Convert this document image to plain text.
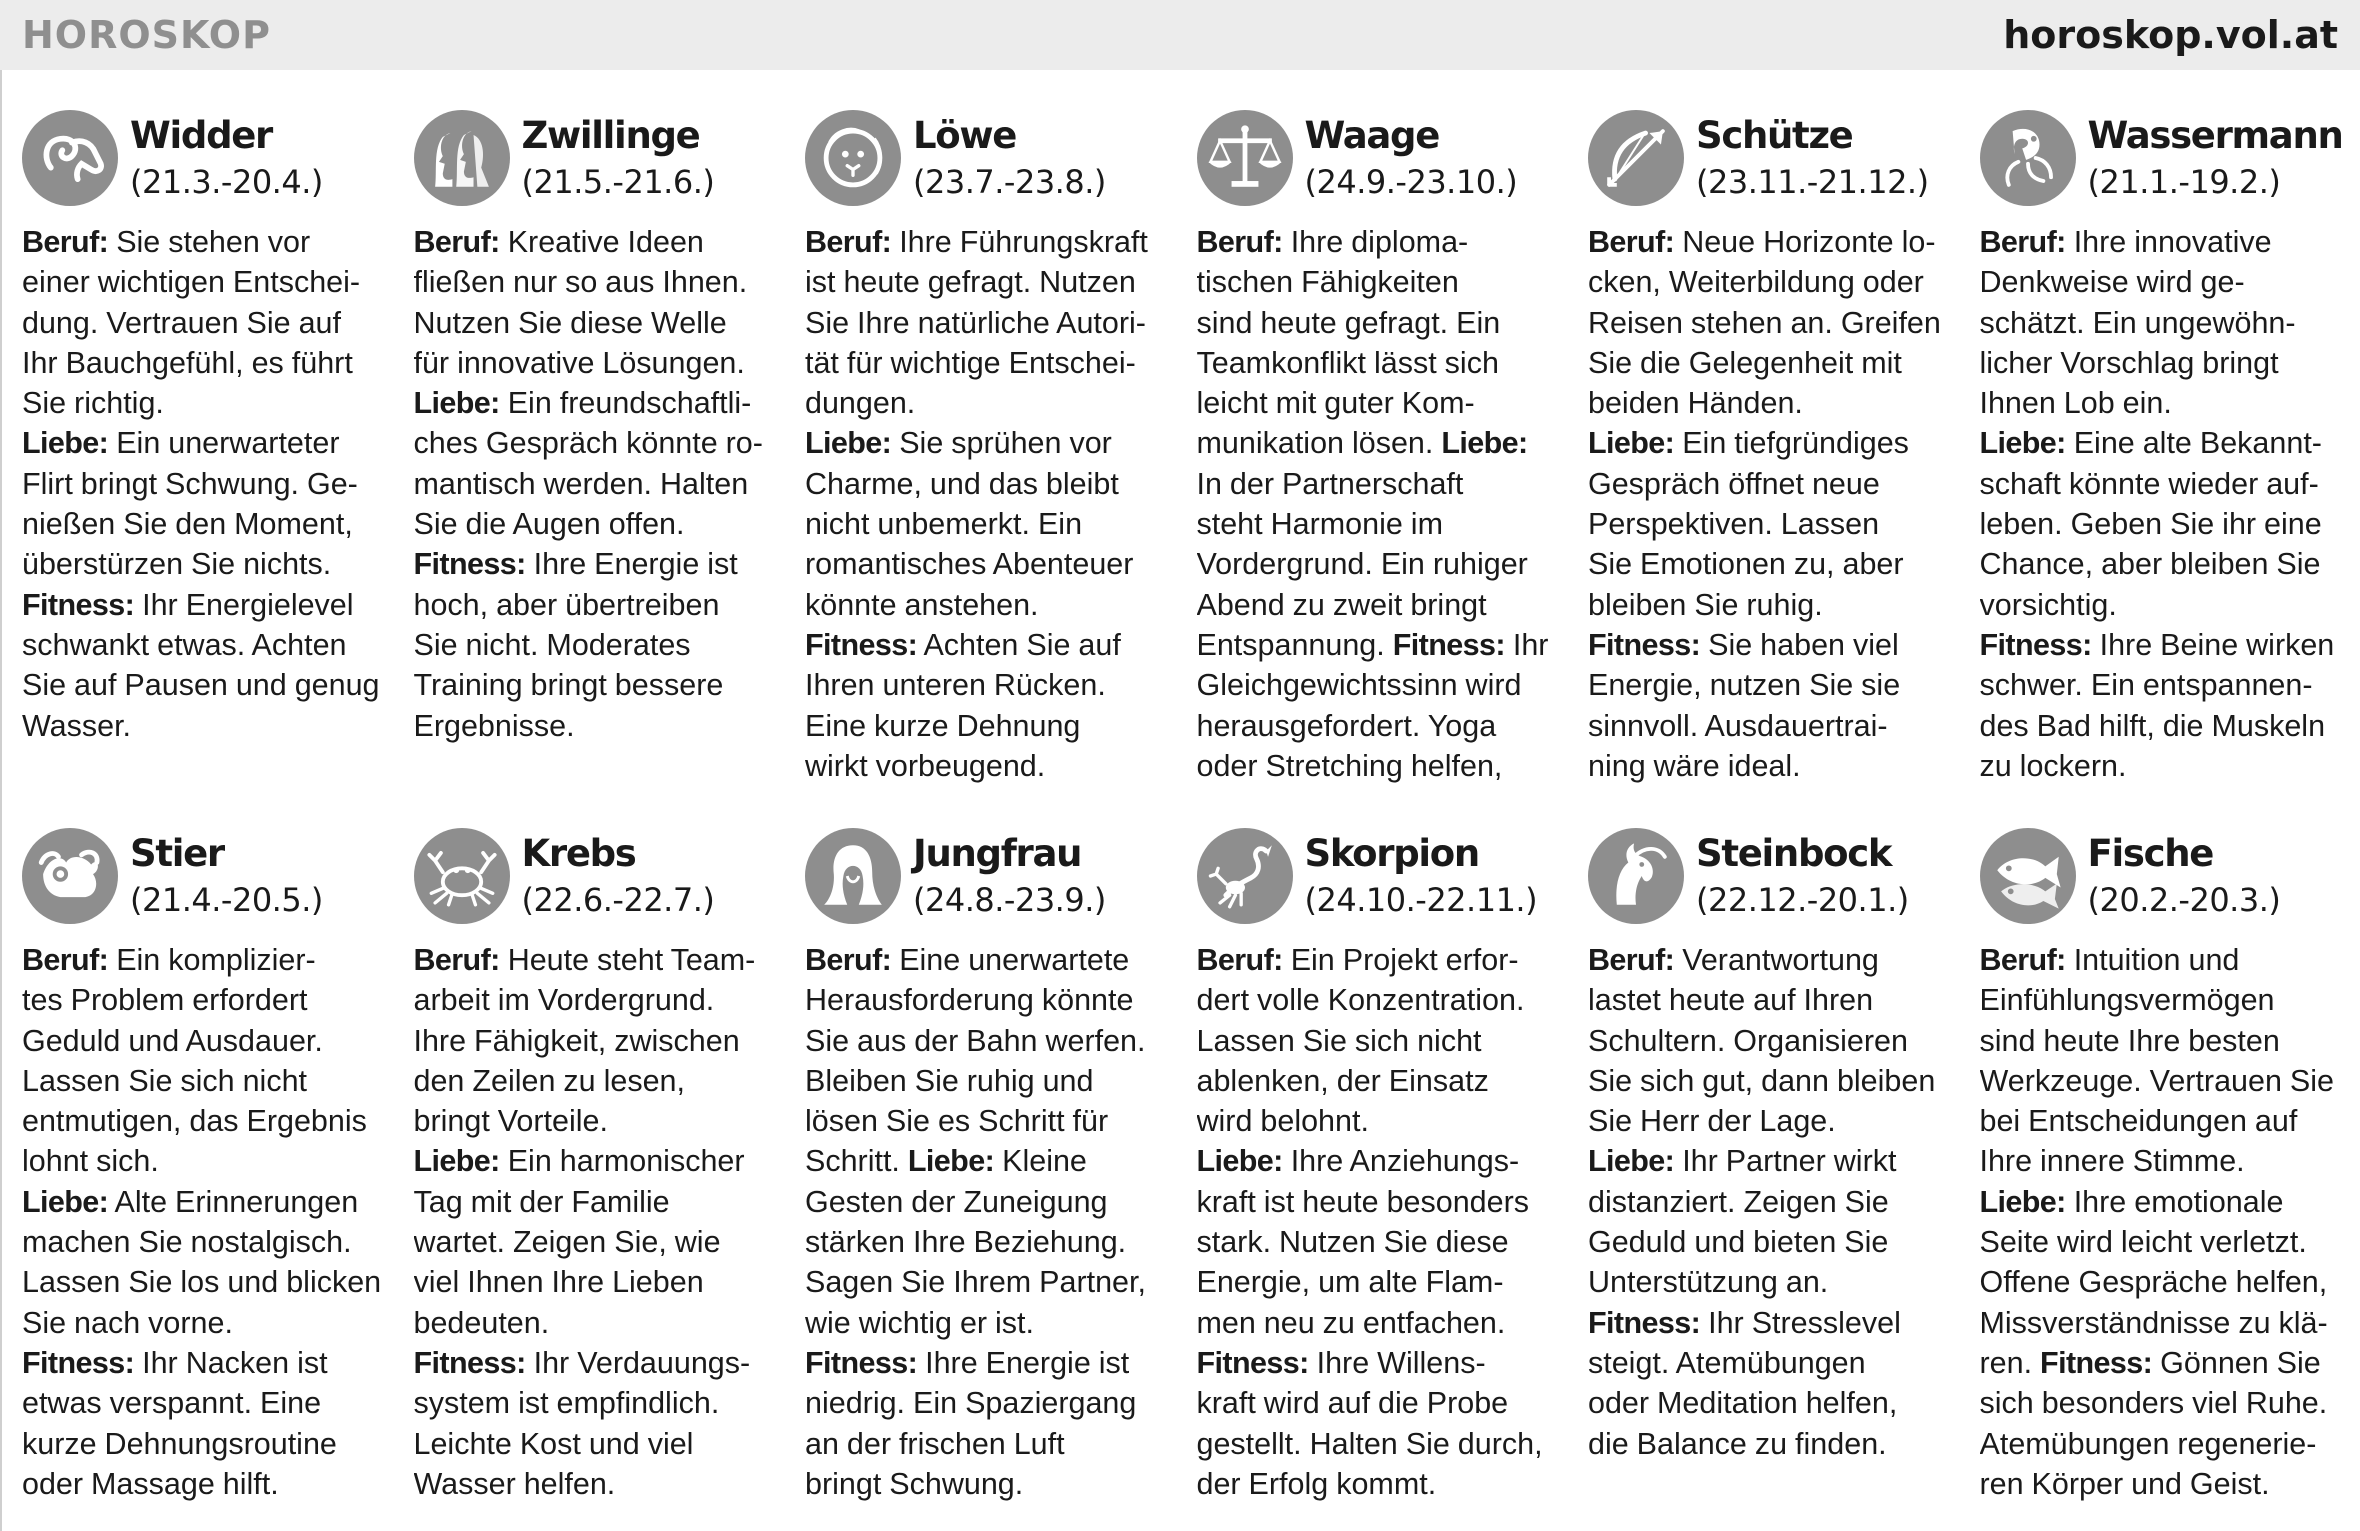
HOROSKOP	horoskop.vol.at
Widder
(21.3.-20.4.)

Beruf: Sie stehen vor
einer wichtigen Entschei-
dung. Vertrauen Sie auf
Ihr Bauchgefühl, es führt
Sie richtig.
Liebe: Ein unerwarteter
Flirt bringt Schwung. Ge-
nießen Sie den Moment,
überstürzen Sie nichts.
Fitness: Ihr Energielevel
schwankt etwas. Achten
Sie auf Pausen und genug
Wasser.

Zwillinge
(21.5.-21.6.)

Beruf: Kreative Ideen
fließen nur so aus Ihnen.
Nutzen Sie diese Welle
für innovative Lösungen.
Liebe: Ein freundschaftli-
ches Gespräch könnte ro-
mantisch werden. Halten
Sie die Augen offen.
Fitness: Ihre Energie ist
hoch, aber übertreiben
Sie nicht. Moderates
Training bringt bessere
Ergebnisse.

Löwe
(23.7.-23.8.)

Beruf: Ihre Führungskraft
ist heute gefragt. Nutzen
Sie Ihre natürliche Autori-
tät für wichtige Entschei-
dungen.
Liebe: Sie sprühen vor
Charme, und das bleibt
nicht unbemerkt. Ein
romantisches Abenteuer
könnte anstehen.
Fitness: Achten Sie auf
Ihren unteren Rücken.
Eine kurze Dehnung
wirkt vorbeugend.

Waage
(24.9.-23.10.)

Beruf: Ihre diploma-
tischen Fähigkeiten
sind heute gefragt. Ein
Teamkonflikt lässt sich
leicht mit guter Kom-
munikation lösen. Liebe:
In der Partnerschaft
steht Harmonie im
Vordergrund. Ein ruhiger
Abend zu zweit bringt
Entspannung. Fitness: Ihr
Gleichgewichtssinn wird
herausgefordert. Yoga
oder Stretching helfen,

Schütze
(23.11.-21.12.)

Beruf: Neue Horizonte lo-
cken, Weiterbildung oder
Reisen stehen an. Greifen
Sie die Gelegenheit mit
beiden Händen.
Liebe: Ein tiefgründiges
Gespräch öffnet neue
Perspektiven. Lassen
Sie Emotionen zu, aber
bleiben Sie ruhig.
Fitness: Sie haben viel
Energie, nutzen Sie sie
sinnvoll. Ausdauertrai-
ning wäre ideal.

Wassermann
(21.1.-19.2.)

Beruf: Ihre innovative
Denkweise wird ge-
schätzt. Ein ungewöhn-
licher Vorschlag bringt
Ihnen Lob ein.
Liebe: Eine alte Bekannt-
schaft könnte wieder auf-
leben. Geben Sie ihr eine
Chance, aber bleiben Sie
vorsichtig.
Fitness: Ihre Beine wirken
schwer. Ein entspannen-
des Bad hilft, die Muskeln
zu lockern.

Stier
(21.4.-20.5.)

Beruf: Ein komplizier-
tes Problem erfordert
Geduld und Ausdauer.
Lassen Sie sich nicht
entmutigen, das Ergebnis
lohnt sich.
Liebe: Alte Erinnerungen
machen Sie nostalgisch.
Lassen Sie los und blicken
Sie nach vorne.
Fitness: Ihr Nacken ist
etwas verspannt. Eine
kurze Dehnungsroutine
oder Massage hilft.

Krebs
(22.6.-22.7.)

Beruf: Heute steht Team-
arbeit im Vordergrund.
Ihre Fähigkeit, zwischen
den Zeilen zu lesen,
bringt Vorteile.
Liebe: Ein harmonischer
Tag mit der Familie
wartet. Zeigen Sie, wie
viel Ihnen Ihre Lieben
bedeuten.
Fitness: Ihr Verdauungs-
system ist empfindlich.
Leichte Kost und viel
Wasser helfen.

Jungfrau
(24.8.-23.9.)

Beruf: Eine unerwartete
Herausforderung könnte
Sie aus der Bahn werfen.
Bleiben Sie ruhig und
lösen Sie es Schritt für
Schritt. Liebe: Kleine
Gesten der Zuneigung
stärken Ihre Beziehung.
Sagen Sie Ihrem Partner,
wie wichtig er ist.
Fitness: Ihre Energie ist
niedrig. Ein Spaziergang
an der frischen Luft
bringt Schwung.

Skorpion
(24.10.-22.11.)

Beruf: Ein Projekt erfor-
dert volle Konzentration.
Lassen Sie sich nicht
ablenken, der Einsatz
wird belohnt.
Liebe: Ihre Anziehungs-
kraft ist heute besonders
stark. Nutzen Sie diese
Energie, um alte Flam-
men neu zu entfachen.
Fitness: Ihre Willens-
kraft wird auf die Probe
gestellt. Halten Sie durch,
der Erfolg kommt.

Steinbock
(22.12.-20.1.)

Beruf: Verantwortung
lastet heute auf Ihren
Schultern. Organisieren
Sie sich gut, dann bleiben
Sie Herr der Lage.
Liebe: Ihr Partner wirkt
distanziert. Zeigen Sie
Geduld und bieten Sie
Unterstützung an.
Fitness: Ihr Stresslevel
steigt. Atemübungen
oder Meditation helfen,
die Balance zu finden.

Fische
(20.2.-20.3.)

Beruf: Intuition und
Einfühlungsvermögen
sind heute Ihre besten
Werkzeuge. Vertrauen Sie
bei Entscheidungen auf
Ihre innere Stimme.
Liebe: Ihre emotionale
Seite wird leicht verletzt.
Offene Gespräche helfen,
Missverständnisse zu klä-
ren. Fitness: Gönnen Sie
sich besonders viel Ruhe.
Atemübungen regenerie-
ren Körper und Geist.
